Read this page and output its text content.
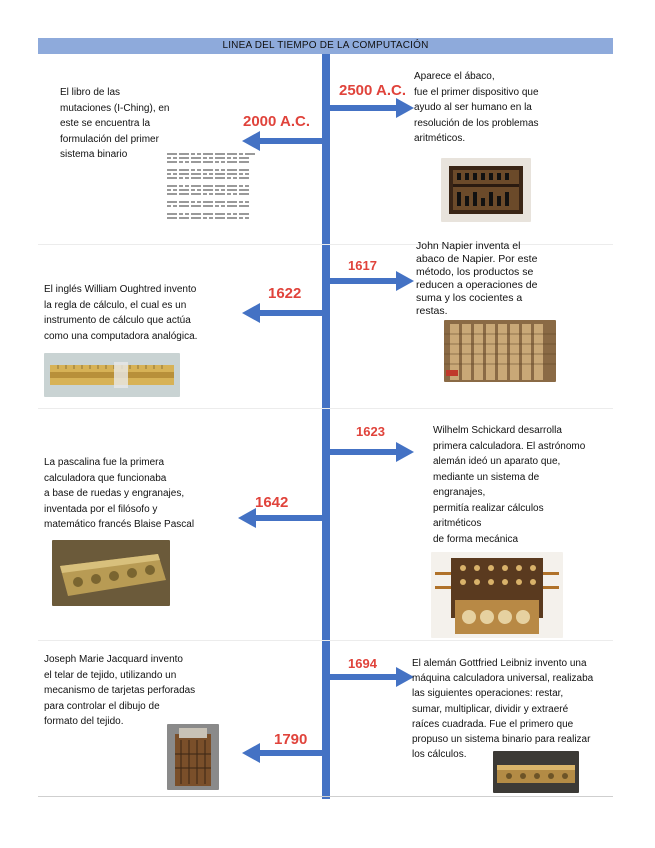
LINEA DEL TIEMPO DE LA COMPUTACIÓN
2500 A.C.
Aparece el ábaco,
fue el primer dispositivo que
ayudo al ser humano en la
resolución de los problemas
aritméticos.
2000 A.C.
El libro de las
mutaciones (I-Ching), en
este se encuentra la
formulación del primer
sistema binario
1617
John Napier inventa el
abaco de Napier. Por este
método, los productos se
reducen a operaciones de
suma y los cocientes a
restas.
1622
El inglés William Oughtred invento
la regla de cálculo, el cual es un
instrumento de cálculo que actúa
como una computadora analógica.
1623	Wilhelm Schickard desarrolla
primera calculadora. El astrónomo
alemán ideó un aparato que,
mediante un sistema de
engranajes,
permitía realizar cálculos
aritméticos
de forma mecánica
1642
La pascalina fue la primera
calculadora que funcionaba
a base de ruedas y engranajes,
inventada por el filósofo y
matemático francés Blaise Pascal
1694	El alemán Gottfried Leibniz invento una
máquina calculadora universal, realizaba
las siguientes operaciones: restar,
sumar, multiplicar, dividir y extraeré
raíces cuadrada. Fue el primero que
propuso un sistema binario para realizar
los cálculos.
1790
Joseph Marie Jacquard invento
el telar de tejido, utilizando un
mecanismo de tarjetas perforadas
para controlar el dibujo de
formato del tejido.
